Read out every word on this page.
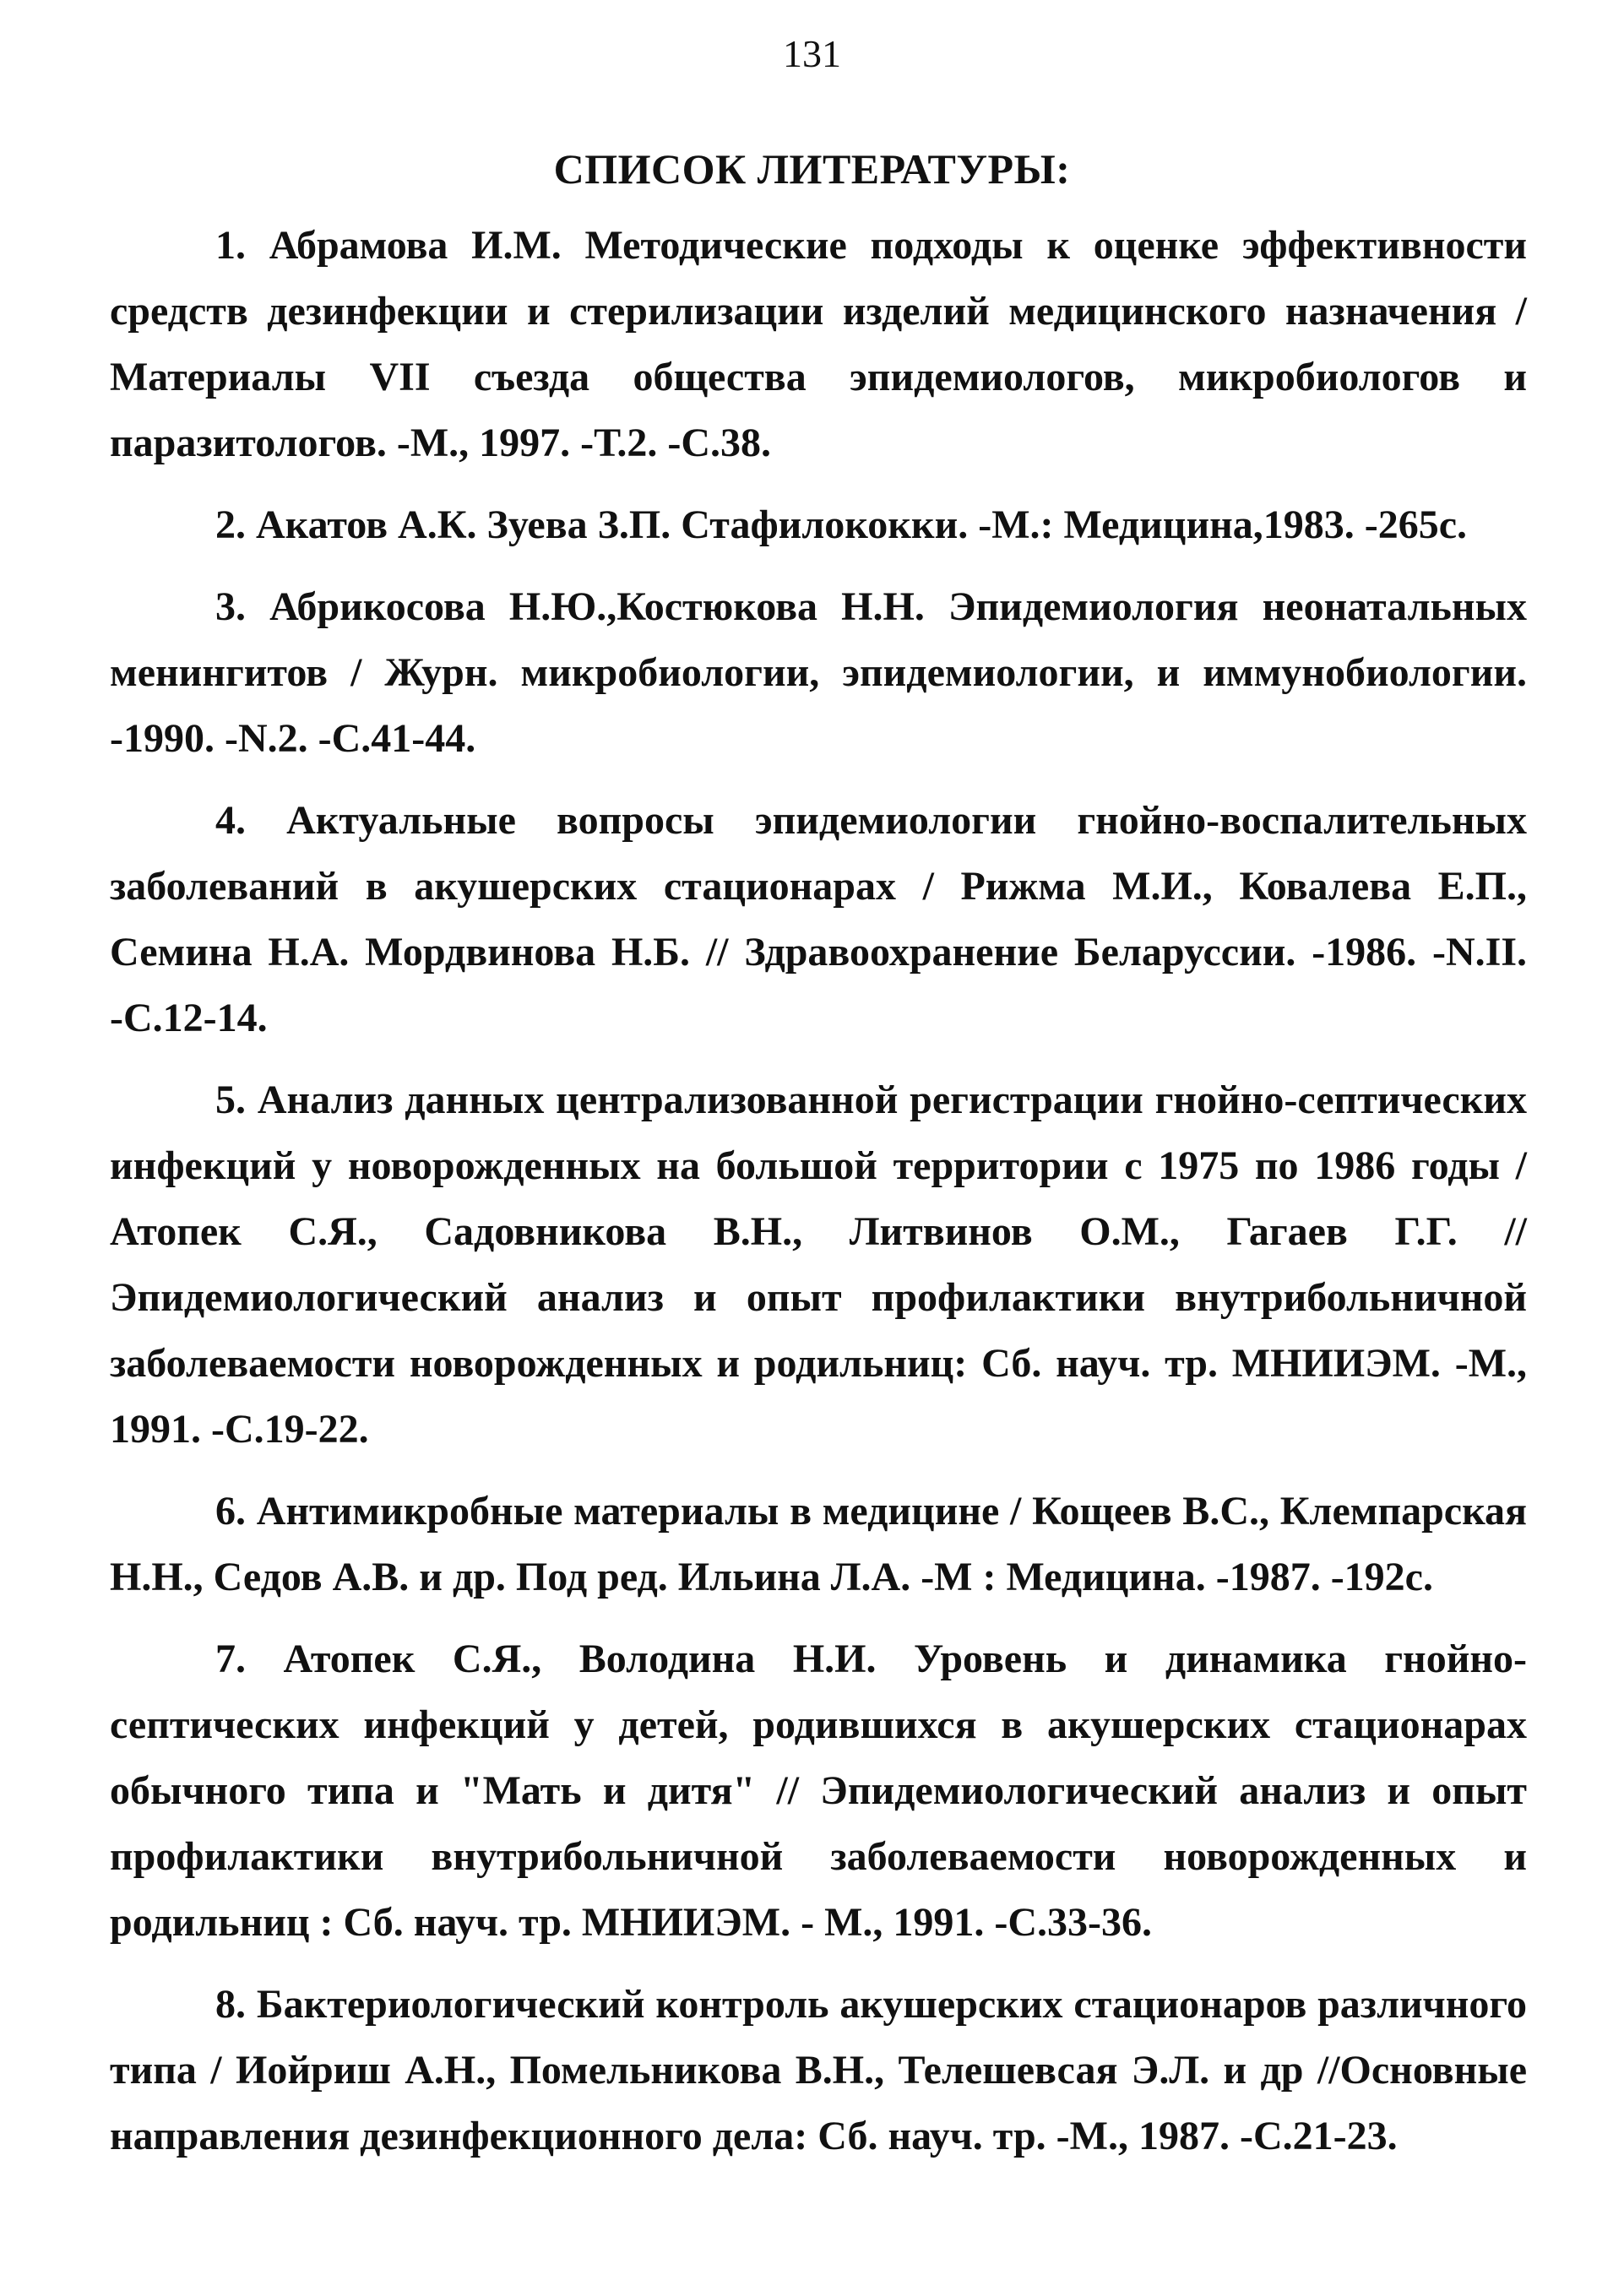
131
СПИСОК ЛИТЕРАТУРЫ:

1. Абрамова И.М. Методические подходы к оценке эффективности средств дезинфекции и стерилизации изделий медицинского назначения / Материалы VII съезда общества эпидемиологов, микробиологов и паразитологов. -М., 1997. -Т.2. -С.38.

2. Акатов А.К. Зуева З.П. Стафилококки. -М.: Медицина,1983. -265с.

3. Абрикосова Н.Ю.,Костюкова Н.Н. Эпидемиология неонатальных менингитов / Журн. микробиологии, эпидемиологии, и иммунобиологии. -1990. -N.2. -С.41-44.

4. Актуальные вопросы эпидемиологии гнойно-воспалительных заболеваний в акушерских стационарах / Рижма М.И., Ковалева Е.П., Семина Н.А. Мордвинова Н.Б. // Здравоохранение Беларуссии. -1986. -N.II. -С.12-14.

5. Анализ данных централизованной регистрации гнойно-септических инфекций у новорожденных на большой территории с 1975 по 1986 годы / Атопек С.Я., Садовникова В.Н., Литвинов О.М., Гагаев Г.Г. // Эпидемиологический анализ и опыт профилактики внутрибольничной заболеваемости новорожденных и родильниц: Сб. науч. тр. МНИИЭМ. -М., 1991. -С.19-22.

6. Антимикробные материалы в медицине / Кощеев В.С., Клемпарская Н.Н., Седов А.В. и др. Под ред. Ильина Л.А. -М : Медицина. -1987. -192с.

7. Атопек С.Я., Володина Н.И. Уровень и динамика гнойно-септических инфекций у детей, родившихся в акушерских стационарах обычного типа и "Мать и дитя" // Эпидемиологический анализ и опыт профилактики внутрибольничной заболеваемости новорожденных и родильниц : Сб. науч. тр. МНИИЭМ. - М., 1991. -С.33-36.

8. Бактериологический контроль акушерских стационаров различного типа / Иойриш А.Н., Помельникова В.Н., Телешевсая Э.Л. и др //Основные направления дезинфекционного дела: Сб. науч. тр. -М., 1987. -С.21-23.
